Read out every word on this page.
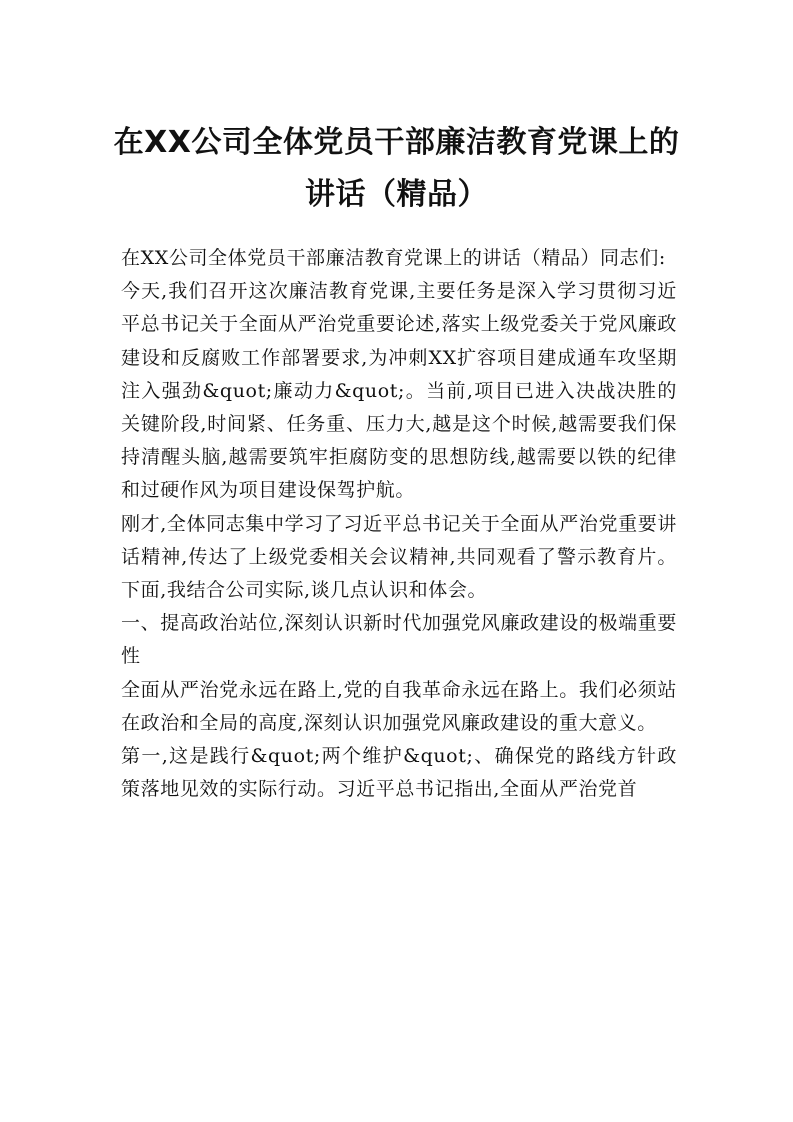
在XX公司全体党员干部廉洁教育党课上的
讲话（精品）

在XX公司全体党员干部廉洁教育党课上的讲话（精品）同志们:

今天,我们召开这次廉洁教育党课,主要任务是深入学习贯彻习近平总书记关于全面从严治党重要论述,落实上级党委关于党风廉政建设和反腐败工作部署要求,为冲刺XX扩容项目建成通车攻坚期注入强劲&quot;廉动力&quot;。当前,项目已进入决战决胜的关键阶段,时间紧、任务重、压力大,越是这个时候,越需要我们保持清醒头脑,越需要筑牢拒腐防变的思想防线,越需要以铁的纪律和过硬作风为项目建设保驾护航。

刚才,全体同志集中学习了习近平总书记关于全面从严治党重要讲话精神,传达了上级党委相关会议精神,共同观看了警示教育片。下面,我结合公司实际,谈几点认识和体会。

一、提高政治站位,深刻认识新时代加强党风廉政建设的极端重要性

全面从严治党永远在路上,党的自我革命永远在路上。我们必须站在政治和全局的高度,深刻认识加强党风廉政建设的重大意义。

第一,这是践行&quot;两个维护&quot;、确保党的路线方针政策落地见效的实际行动。习近平总书记指出,全面从严治党首
